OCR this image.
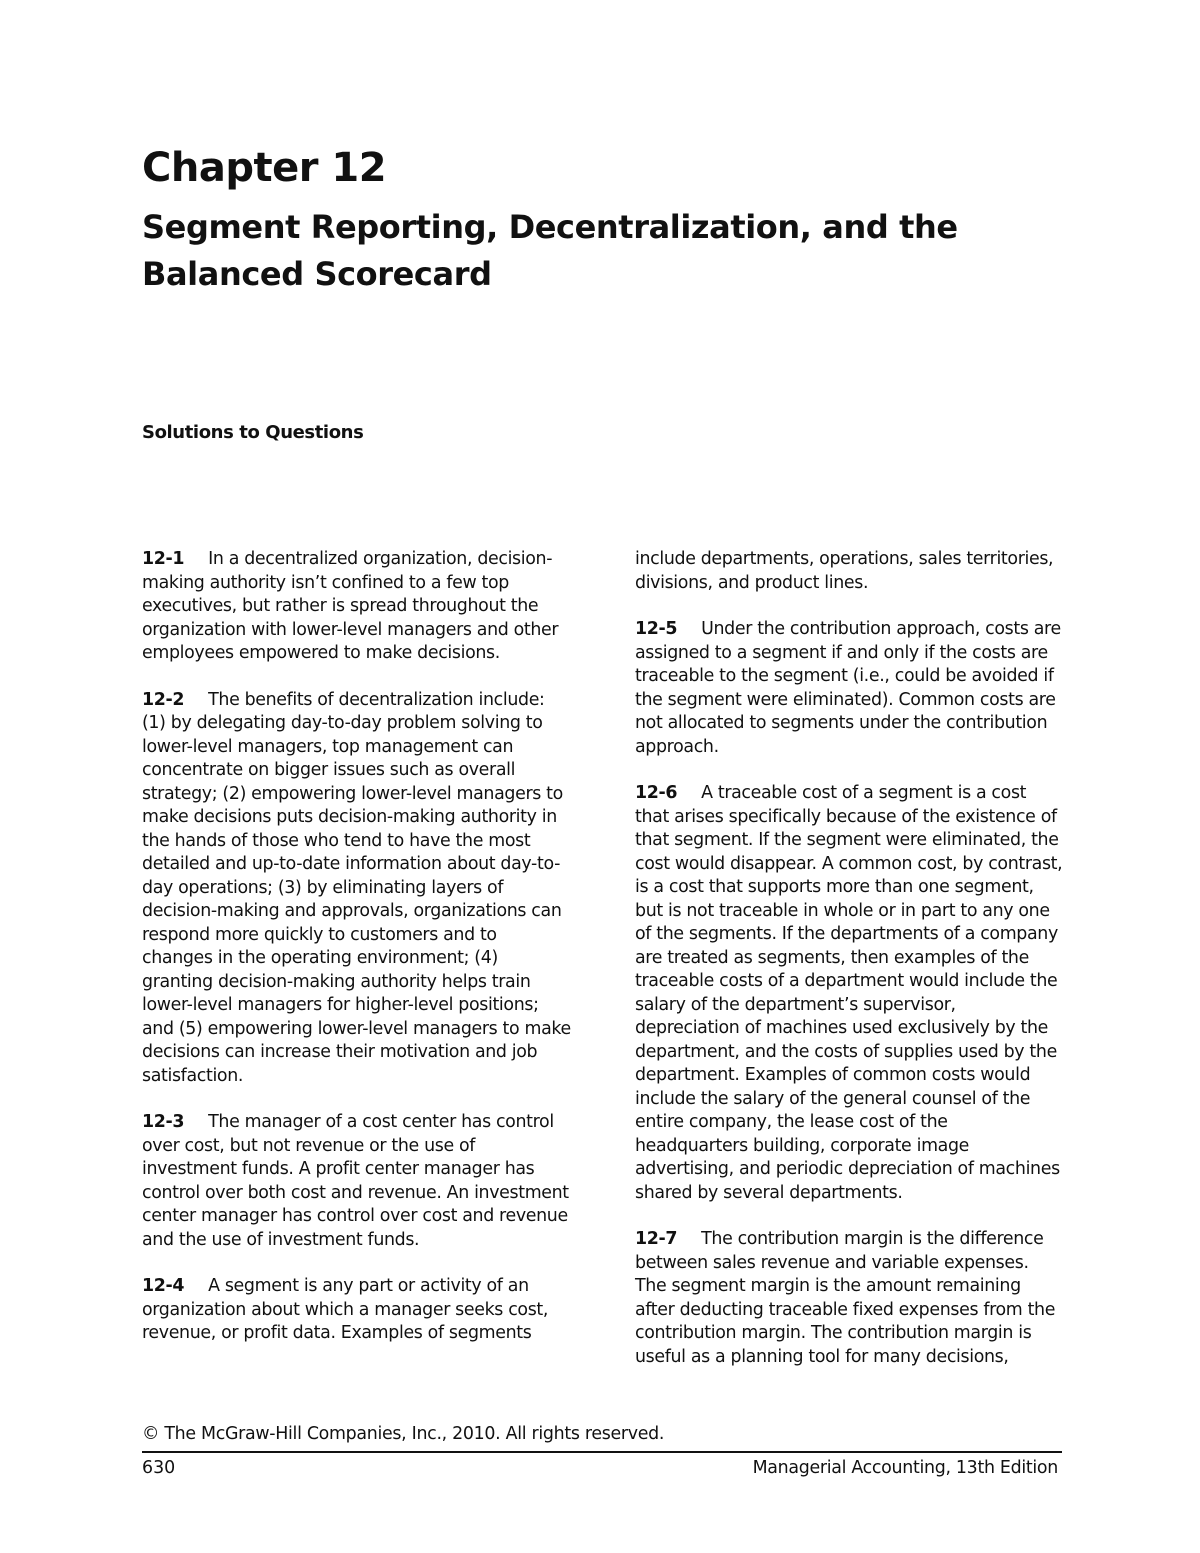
Chapter 12
Segment Reporting, Decentralization, and the
Balanced Scorecard
Solutions to Questions

12-1 In a decentralized organization, decision-making authority isn’t confined to a few top executives, but rather is spread throughout the organization with lower-level managers and other employees empowered to make decisions.

12-2 The benefits of decentralization include: (1) by delegating day-to-day problem solving to lower-level managers, top management can concentrate on bigger issues such as overall strategy; (2) empowering lower-level managers to make decisions puts decision-making authority in the hands of those who tend to have the most detailed and up-to-date information about day-to-day operations; (3) by eliminating layers of decision-making and approvals, organizations can respond more quickly to customers and to changes in the operating environment; (4) granting decision-making authority helps train lower-level managers for higher-level positions; and (5) empowering lower-level managers to make decisions can increase their motivation and job satisfaction.

12-3 The manager of a cost center has control over cost, but not revenue or the use of investment funds. A profit center manager has control over both cost and revenue. An investment center manager has control over cost and revenue and the use of investment funds.

12-4 A segment is any part or activity of an organization about which a manager seeks cost, revenue, or profit data. Examples of segments

include departments, operations, sales territories, divisions, and product lines.

12-5 Under the contribution approach, costs are assigned to a segment if and only if the costs are traceable to the segment (i.e., could be avoided if the segment were eliminated). Common costs are not allocated to segments under the contribution approach.

12-6 A traceable cost of a segment is a cost that arises specifically because of the existence of that segment. If the segment were eliminated, the cost would disappear. A common cost, by contrast, is a cost that supports more than one segment, but is not traceable in whole or in part to any one of the segments. If the departments of a company are treated as segments, then examples of the traceable costs of a department would include the salary of the department’s supervisor, depreciation of machines used exclusively by the department, and the costs of supplies used by the department. Examples of common costs would include the salary of the general counsel of the entire company, the lease cost of the headquarters building, corporate image advertising, and periodic depreciation of machines shared by several departments.

12-7 The contribution margin is the difference between sales revenue and variable expenses. The segment margin is the amount remaining after deducting traceable fixed expenses from the contribution margin. The contribution margin is useful as a planning tool for many decisions,

© The McGraw-Hill Companies, Inc., 2010. All rights reserved.
630	Managerial Accounting, 13th Edition
